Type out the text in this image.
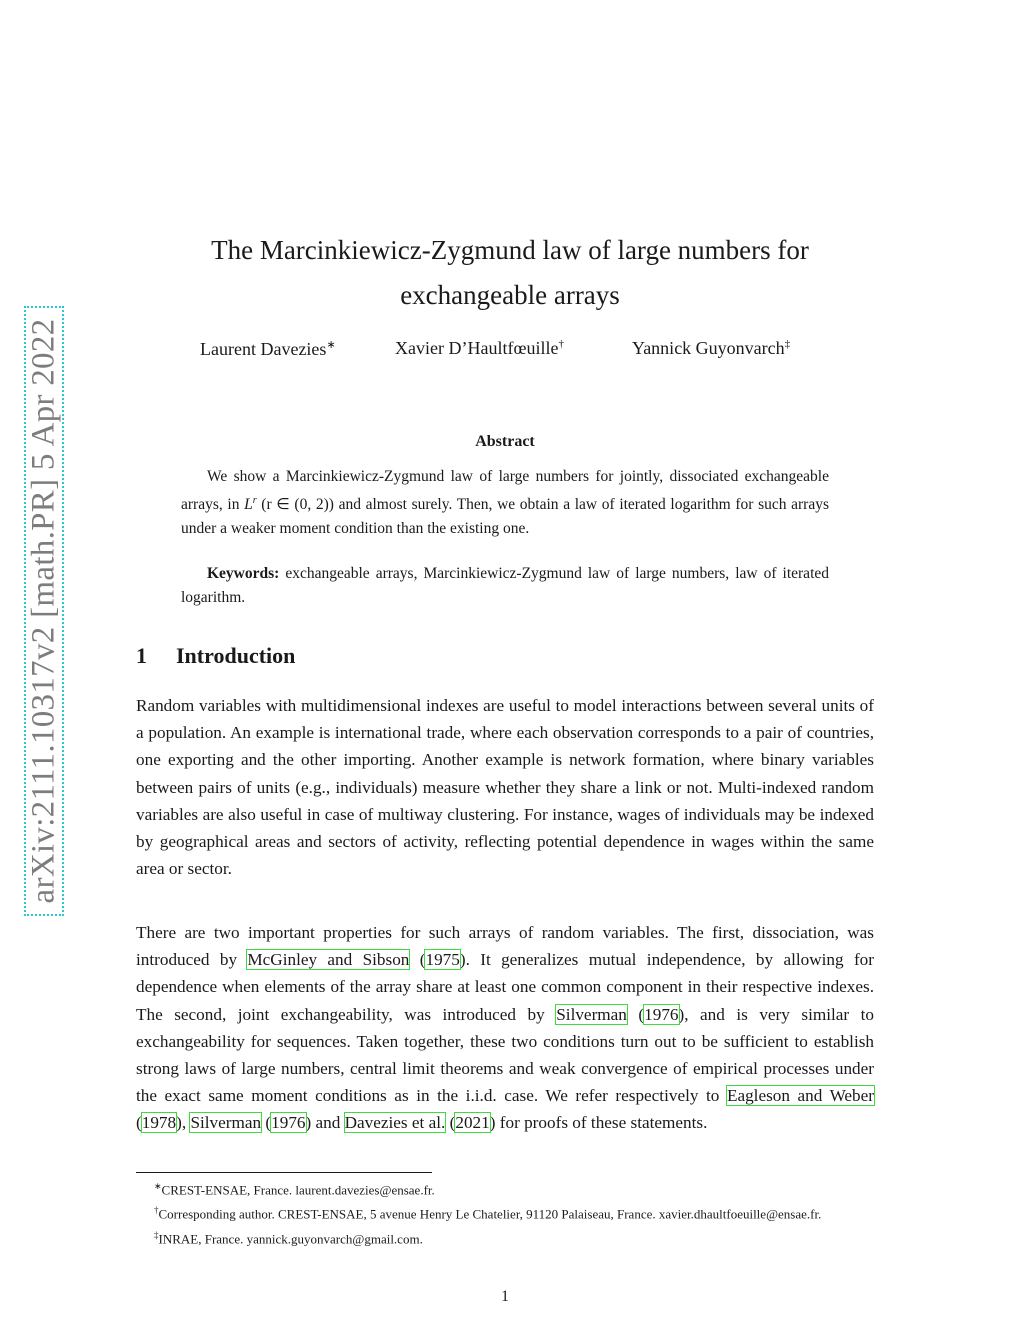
arXiv:2111.10317v2 [math.PR] 5 Apr 2022
The Marcinkiewicz-Zygmund law of large numbers for
exchangeable arrays
Laurent Davezies∗	Xavier D’Haultfœuille†	Yannick Guyonvarch‡
Abstract
We show a Marcinkiewicz-Zygmund law of large numbers for jointly, dissociated exchangeable arrays, in $L^r$ (r ∈ (0, 2)) and almost surely. Then, we obtain a law of iterated logarithm for such arrays under a weaker moment condition than the existing one.
Keywords: exchangeable arrays, Marcinkiewicz-Zygmund law of large numbers, law of iterated logarithm.
1 Introduction
Random variables with multidimensional indexes are useful to model interactions between several units of a population. An example is international trade, where each observation corresponds to a pair of countries, one exporting and the other importing. Another example is network formation, where binary variables between pairs of units (e.g., individuals) measure whether they share a link or not. Multi-indexed random variables are also useful in case of multiway clustering. For instance, wages of individuals may be indexed by geographical areas and sectors of activity, reflecting potential dependence in wages within the same area or sector.
There are two important properties for such arrays of random variables. The first, dissociation, was introduced by McGinley and Sibson (1975). It generalizes mutual independence, by allowing for dependence when elements of the array share at least one common component in their respective indexes. The second, joint exchangeability, was introduced by Silverman (1976), and is very similar to exchangeability for sequences. Taken together, these two conditions turn out to be sufficient to establish strong laws of large numbers, central limit theorems and weak convergence of empirical processes under the exact same moment conditions as in the i.i.d. case. We refer respectively to Eagleson and Weber (1978), Silverman (1976) and Davezies et al. (2021) for proofs of these statements.
∗CREST-ENSAE, France. laurent.davezies@ensae.fr.
†Corresponding author. CREST-ENSAE, 5 avenue Henry Le Chatelier, 91120 Palaiseau, France. xavier.dhaultfoeuille@ensae.fr.
‡INRAE, France. yannick.guyonvarch@gmail.com.
1
